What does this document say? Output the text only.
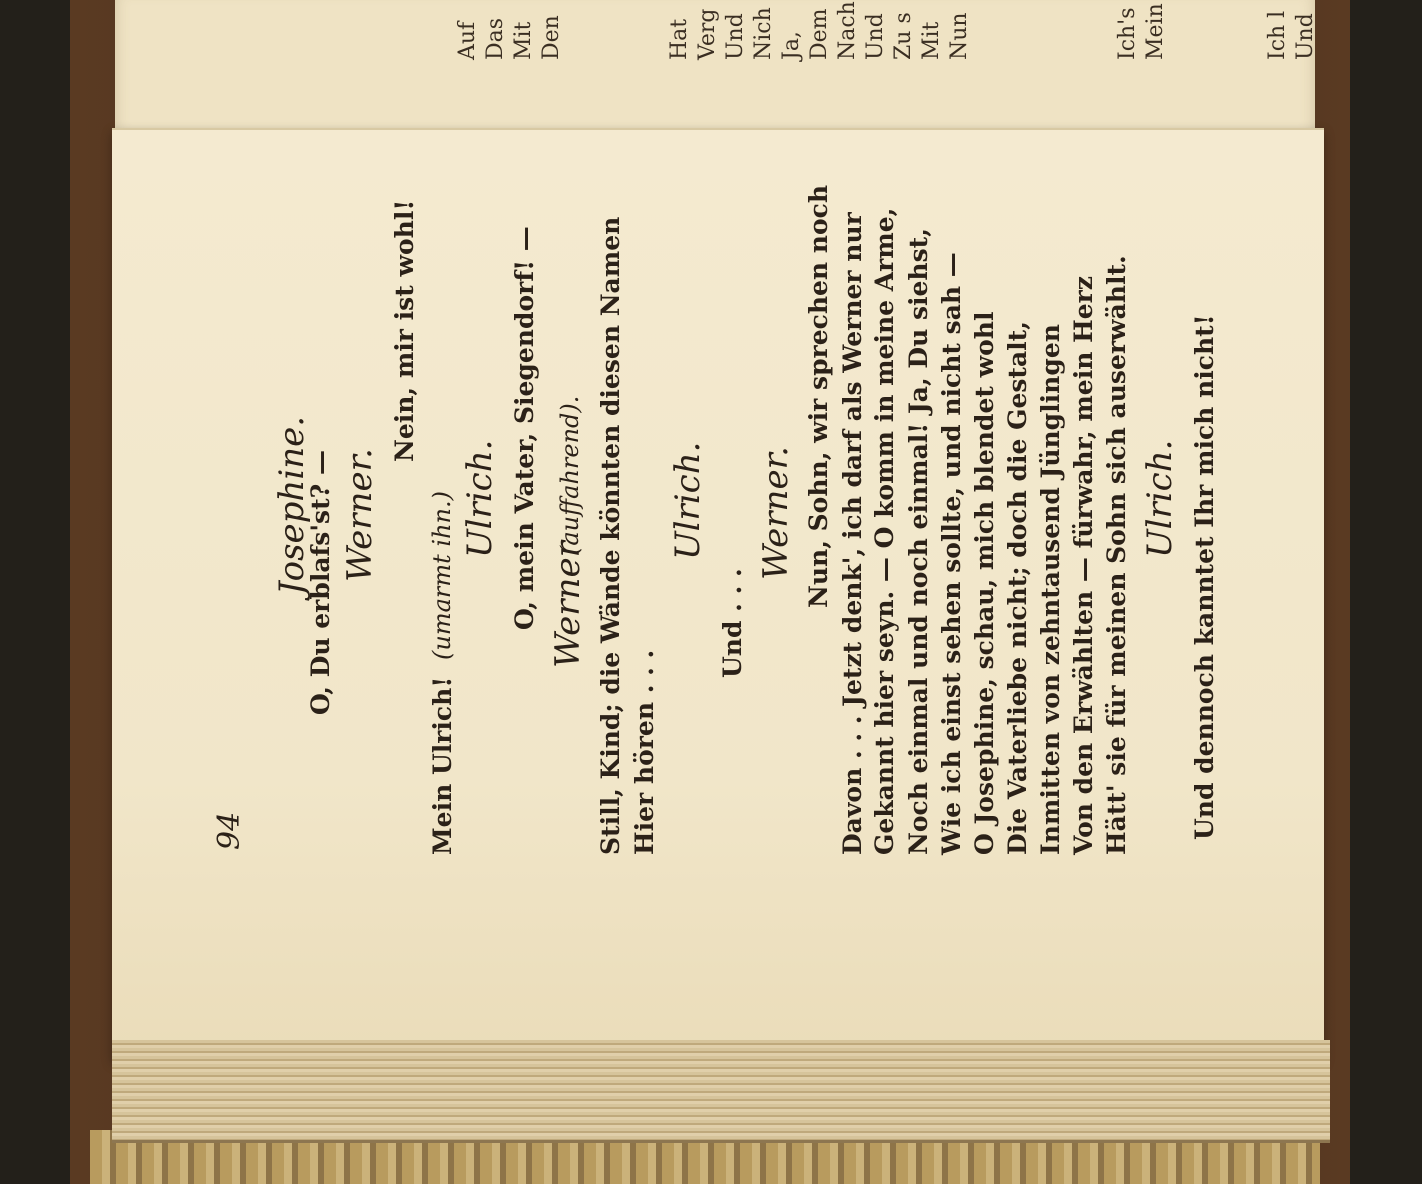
Auf Das Mit Den	Hat Verg Und Nich Ja, Dem Nach Und Zu s Mit Nun	Ich's Mein	Ich l Und
94
Josephine.
O, Du erblafs'st? — Werner.
Nein, mir ist wohl!
Mein Ulrich!
(umarmt ihn.) Ulrich. O, mein Vater, Siegendorf! — Werner
(auffahrend). Still, Kind; die Wände könnten diesen Namen Hier hören . . .
Ulrich.
Und . . .
Werner. Nun, Sohn, wir sprechen noch Davon . . . Jetzt denk', ich darf als Werner nur Gekannt hier seyn. — O komm in meine Arme, Noch einmal und noch einmal! Ja, Du siehst, Wie ich einst sehen sollte, und nicht sah — O Josephine, schau, mich blendet wohl Die Vaterliebe nicht; doch die Gestalt, Inmitten von zehntausend Jünglingen Von den Erwählten — fürwahr, mein Herz Hätt' sie für meinen Sohn sich auserwählt. Ulrich. Und dennoch kanntet Ihr mich nicht!
